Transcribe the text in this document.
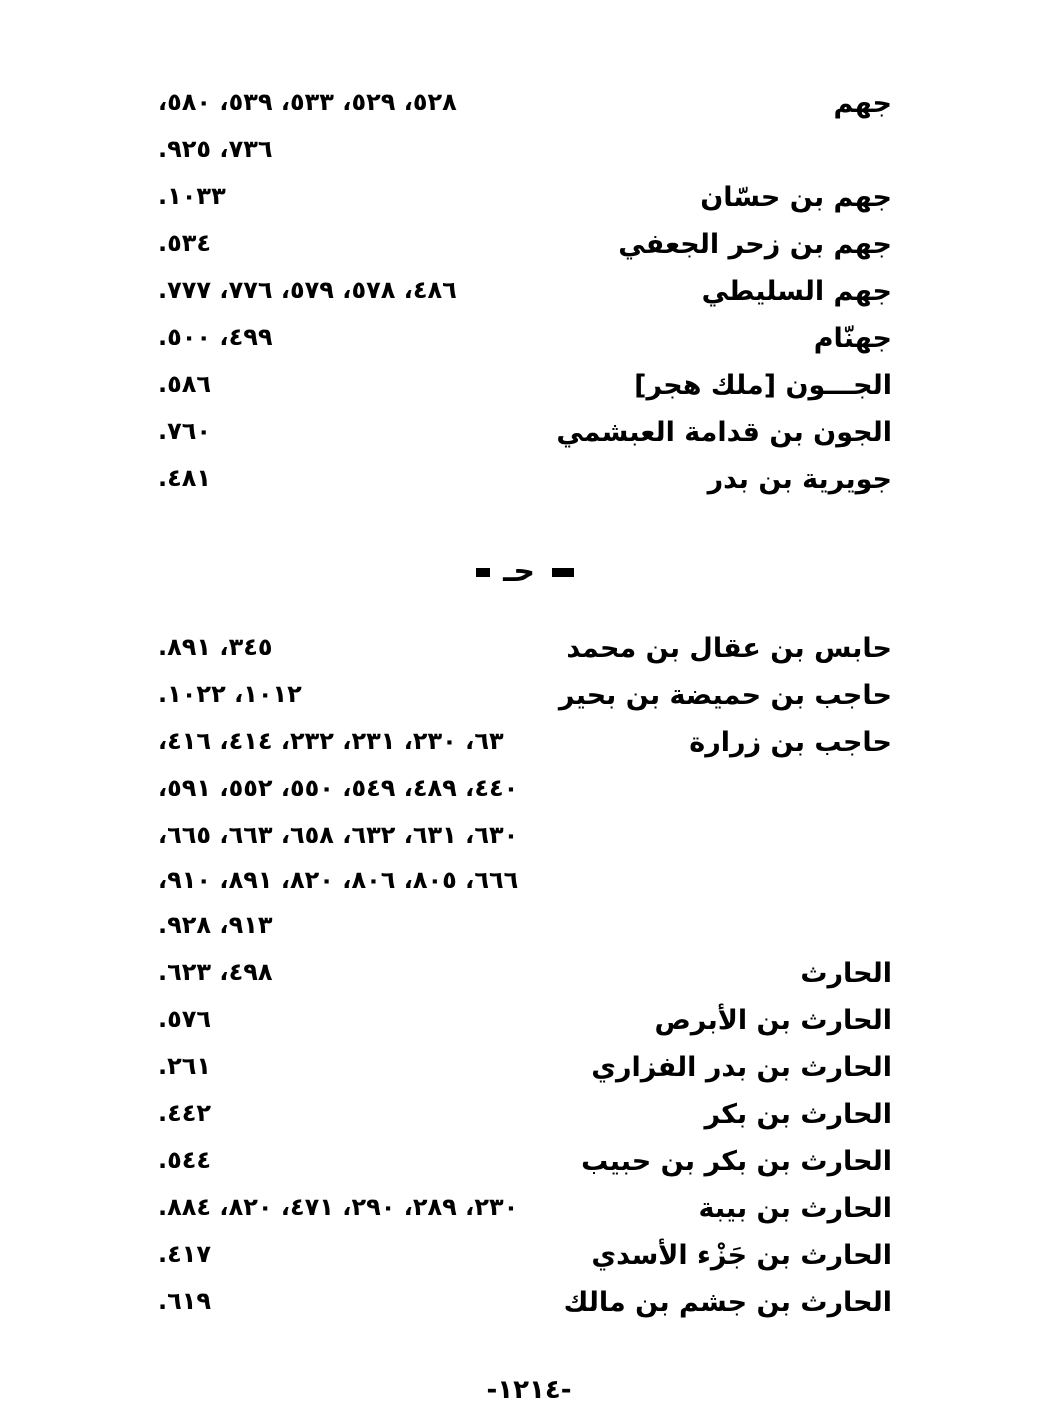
جهم
٥٢٨، ٥٢٩، ٥٣٣، ٥٣٩، ٥٨٠،
٧٣٦، ٩٢٥.
جهم بن حسّان
١٠٣٣.
جهم بن زحر الجعفي
٥٣٤.
جهم السليطي
٤٨٦، ٥٧٨، ٥٧٩، ٧٧٦، ٧٧٧.
جهنّام
٤٩٩، ٥٠٠.
الجـــون [ملك هجر]
٥٨٦.
الجون بن قدامة العبشمي
٧٦٠.
جويرية بن بدر
٤٨١.
حـ
حابس بن عقال بن محمد
٣٤٥، ٨٩١.
حاجب بن حميضة بن بحير
١٠١٢، ١٠٢٢.
حاجب بن زرارة
٦٣، ٢٣٠، ٢٣١، ٢٣٢، ٤١٤، ٤١٦،
٤٤٠، ٤٨٩، ٥٤٩، ٥٥٠، ٥٥٢، ٥٩١،
٦٣٠، ٦٣١، ٦٣٢، ٦٥٨، ٦٦٣، ٦٦٥،
٦٦٦، ٨٠٥، ٨٠٦، ٨٢٠، ٨٩١، ٩١٠،
٩١٣، ٩٢٨.
الحارث
٤٩٨، ٦٢٣.
الحارث بن الأبرص
٥٧٦.
الحارث بن بدر الفزاري
٢٦١.
الحارث بن بكر
٤٤٢.
الحارث بن بكر بن حبيب
٥٤٤.
الحارث بن بيبة
٢٣٠، ٢٨٩، ٢٩٠، ٤٧١، ٨٢٠، ٨٨٤.
الحارث بن جَزْء الأسدي
٤١٧.
الحارث بن جشم بن مالك
٦١٩.
-١٢١٤-
